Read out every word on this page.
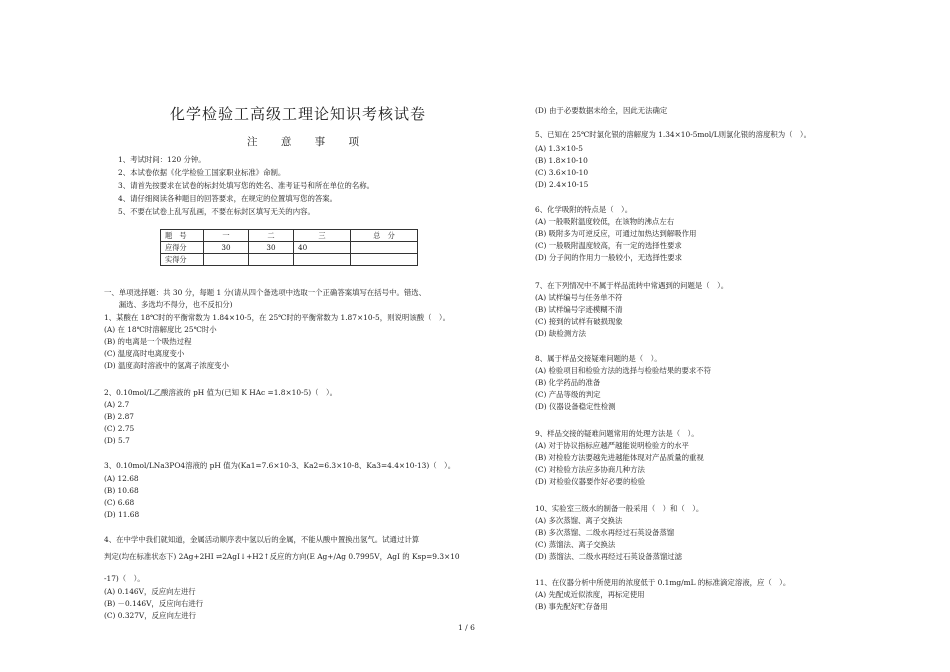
化学检验工高级工理论知识考核试卷
注 意 事 项
1、考试时间：120 分钟。
2、本试卷依据《化学检验工国家职业标准》命制。
3、请首先按要求在试卷的标封处填写您的姓名、准考证号和所在单位的名称。
4、请仔细阅读各种题目的回答要求，在规定的位置填写您的答案。
5、不要在试卷上乱写乱画，不要在标封区填写无关的内容。
题　号	一	二	三	总　分
应得分	30	30	40	
实得分				
一、单项选择题：共 30 分，每题 1 分(请从四个备选项中选取一个正确答案填写在括号中。错选、
　　漏选、多选均不得分，也不反扣分)
1、某酸在 18℃时的平衡常数为 1.84×10-5，在 25℃时的平衡常数为 1.87×10-5，则说明该酸（　）。
(A) 在 18℃时溶解度比 25℃时小
(B) 的电离是一个吸热过程
(C) 温度高时电离度变小
(D) 温度高时溶液中的氢离子浓度变小
2、0.10mol/L乙酸溶液的 pH 值为(已知 K HAc =1.8×10-5)（　）。
(A) 2.7
(B) 2.87
(C) 2.75
(D) 5.7
3、0.10mol/LNa3PO4溶液的 pH 值为(Ka1=7.6×10-3、Ka2=6.3×10-8、Ka3=4.4×10-13)（　）。
(A) 12.68
(B) 10.68
(C) 6.68
(D) 11.68
4、在中学中我们就知道，金属活动顺序表中氢以后的金属，不能从酸中置换出氢气。试通过计算
判定(均在标准状态下) 2Ag+2HI ⇌2AgI↓+H2↑反应的方向(E Ag+/Ag 0.7995V，AgI 的 Ksp=9.3×10
-17)（　）。
(A) 0.146V，反应向左进行
(B) －0.146V，反应向右进行
(C) 0.327V，反应向左进行
(D) 由于必要数据未给全，因此无法确定
5、已知在 25℃时氯化银的溶解度为 1.34×10-5mol/L则氯化银的溶度积为（　）。
(A) 1.3×10-5
(B) 1.8×10-10
(C) 3.6×10-10
(D) 2.4×10-15
6、化学吸附的特点是（　）。
(A) 一般吸附温度较低，在该物的沸点左右
(B) 吸附多为可逆反应，可通过加热达到解吸作用
(C) 一般吸附温度较高，有一定的选择性要求
(D) 分子间的作用力一般较小，无选择性要求
7、在下列情况中不属于样品流转中常遇到的问题是（　）。
(A) 试样编号与任务单不符
(B) 试样编号字迹模糊不清
(C) 接到的试样有破损现象
(D) 缺检测方法
8、属于样品交接疑难问题的是（　）。
(A) 检验项目和检验方法的选择与检验结果的要求不符
(B) 化学药品的准备
(C) 产品等级的判定
(D) 仪器设备稳定性检测
9、样品交接的疑难问题常用的处理方法是（　）。
(A) 对于协议指标应越严越能说明检验方的水平
(B) 对检验方法要越先进越能体现对产品质量的重视
(C) 对检验方法应多协商几种方法
(D) 对检验仪器要作好必要的检验
10、实验室三级水的制备一般采用（　）和（　）。
(A) 多次蒸馏、离子交换法
(B) 多次蒸馏、二级水再经过石英设备蒸馏
(C) 蒸馏法、离子交换法
(D) 蒸馏法、二级水再经过石英设备蒸馏过滤
11、在仪器分析中所使用的浓度低于 0.1mg/mL 的标准滴定溶液，应（　）。
(A) 先配成近似浓度，再标定使用
(B) 事先配好贮存备用
1 / 6
